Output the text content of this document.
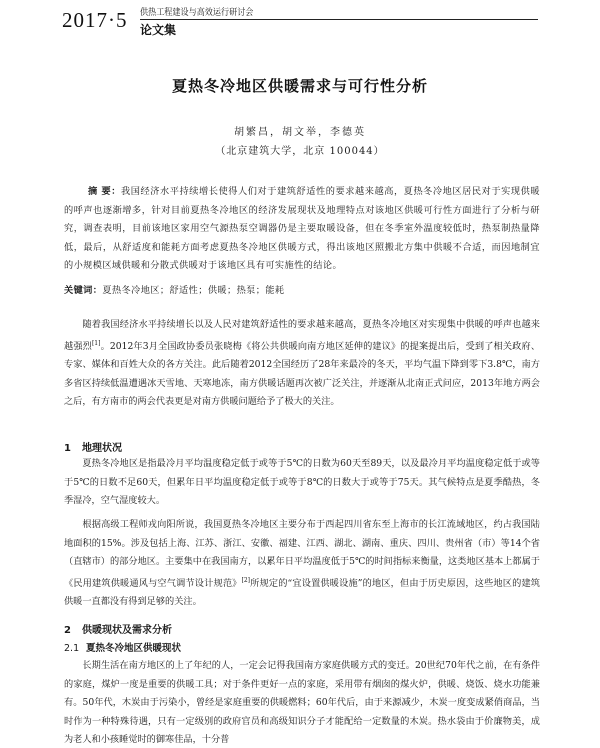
2017·5 供热工程建设与高效运行研讨会
论文集
夏热冬冷地区供暖需求与可行性分析
胡繁昌，胡文举，李德英
（北京建筑大学，北京 100044）
摘 要：我国经济水平持续增长使得人们对于建筑舒适性的要求越来越高，夏热冬冷地区居民对于实现供暖的呼声也逐渐增多，针对目前夏热冬冷地区的经济发展现状及地理特点对该地区供暖可行性方面进行了分析与研究，调查表明，目前该地区家用空气源热泵空调器仍是主要取暖设备，但在冬季室外温度较低时，热泵制热量降低，最后，从舒适度和能耗方面考虑夏热冬冷地区供暖方式，得出该地区照搬北方集中供暖不合适，而因地制宜的小规模区域供暖和分散式供暖对于该地区具有可实施性的结论。
关键词：夏热冬冷地区；舒适性；供暖；热泵；能耗
随着我国经济水平持续增长以及人民对建筑舒适性的要求越来越高，夏热冬冷地区对实现集中供暖的呼声也越来越强烈[1]。2012年3月全国政协委员张晓梅《将公共供暖向南方地区延伸的建议》的提案提出后，受到了相关政府、专家、媒体和百姓大众的各方关注。此后随着2012全国经历了28年来最冷的冬天，平均气温下降到零下3.8℃，南方多省区持续低温遭遇冰天雪地、天寒地冻，南方供暖话题再次被广泛关注，并逐渐从北南正式问应，2013年地方两会之后，有方南市的两会代表更是对南方供暖问题给予了极大的关注。
1 地理状况
夏热冬冷地区是指最冷月平均温度稳定低于或等于5℃的日数为60天至89天，以及最冷月平均温度稳定低于或等于5℃的日数不足60天，但累年日平均温度稳定低于或等于8℃的日数大于或等于75天。其气候特点是夏季酷热，冬季湿冷，空气湿度较大。
根据高级工程师戎向阳所说，我国夏热冬冷地区主要分布于西起四川省东至上海市的长江流域地区，约占我国陆地面积的15%。涉及包括上海、江苏、浙江、安徽、福建、江西、湖北、湖南、重庆、四川、贵州省（市）等14个省（直辖市）的部分地区。主要集中在我国南方，以累年日平均温度低于5℃的时间指标来衡量，这类地区基本上都属于《民用建筑供暖通风与空气调节设计规范》[2]所规定的“宜设置供暖设施”的地区，但由于历史原因，这些地区的建筑供暖一直都没有得到足够的关注。
2 供暖现状及需求分析
2.1 夏热冬冷地区供暖现状
长期生活在南方地区的上了年纪的人，一定会记得我国南方家庭供暖方式的变迁。20世纪70年代之前，在有条件的家庭，煤炉一度是重要的供暖工具；对于条件更好一点的家庭，采用带有烟囱的煤火炉，供暖、烧饭、烧水功能兼有。50年代，木炭由于污染小，曾经是家庭重要的供暖燃料；60年代后，由于来源减少，木炭一度变成紧俏商品，当时作为一种特殊待遇，只有一定级别的政府官员和高级知识分子才能配给一定数量的木炭。热水袋由于价廉物美，成为老人和小孩睡觉时的御寒佳品，十分普
